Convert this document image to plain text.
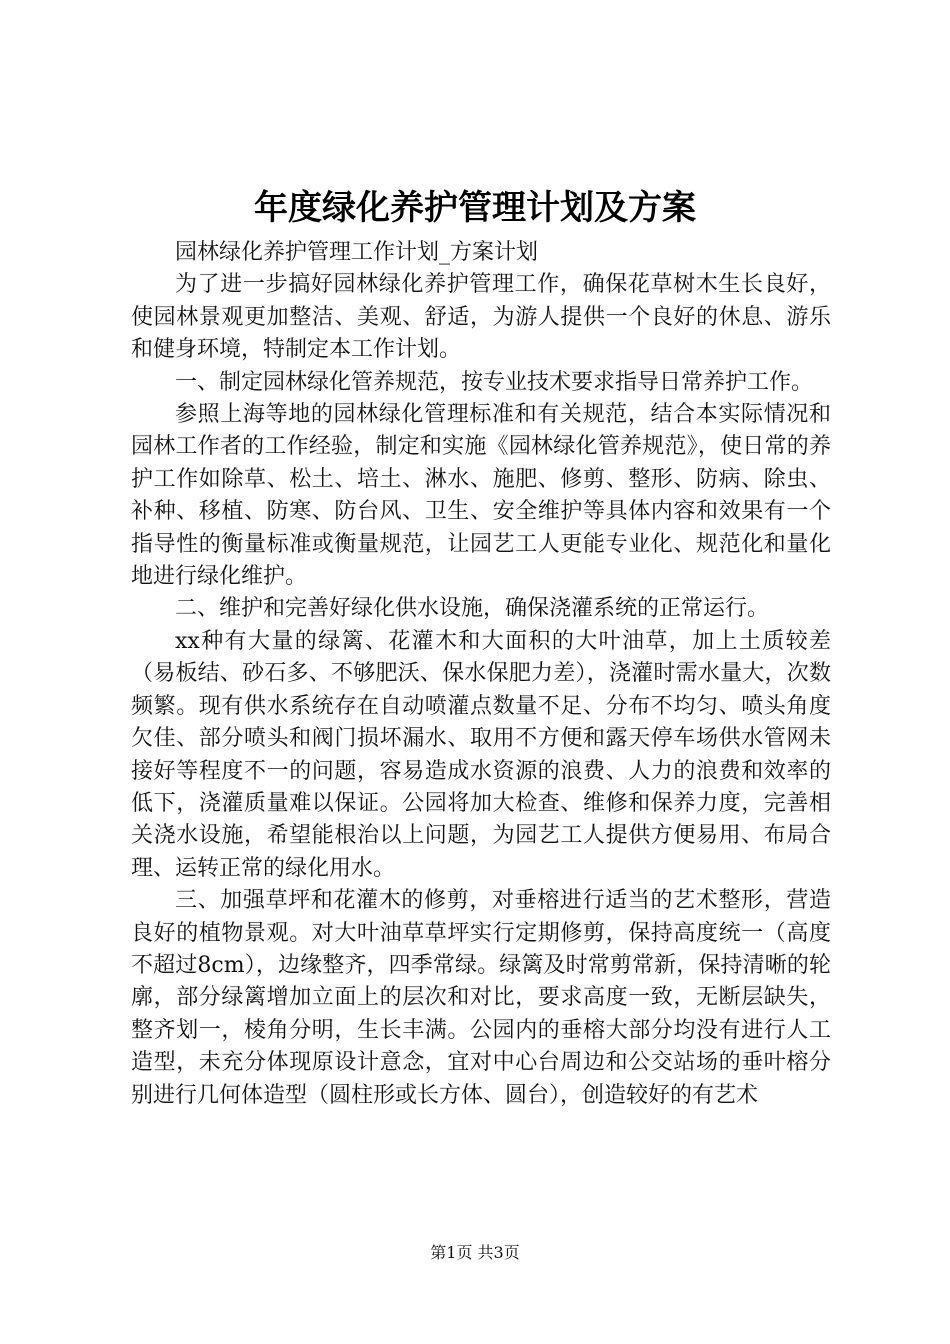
年度绿化养护管理计划及方案

园林绿化养护管理工作计划_方案计划

为了进一步搞好园林绿化养护管理工作，确保花草树木生长良好，使园林景观更加整洁、美观、舒适，为游人提供一个良好的休息、游乐和健身环境，特制定本工作计划。

一、制定园林绿化管养规范，按专业技术要求指导日常养护工作。

参照上海等地的园林绿化管理标准和有关规范，结合本实际情况和园林工作者的工作经验，制定和实施《园林绿化管养规范》，使日常的养护工作如除草、松土、培土、淋水、施肥、修剪、整形、防病、除虫、补种、移植、防寒、防台风、卫生、安全维护等具体内容和效果有一个指导性的衡量标准或衡量规范，让园艺工人更能专业化、规范化和量化地进行绿化维护。

二、维护和完善好绿化供水设施，确保浇灌系统的正常运行。

xx种有大量的绿篱、花灌木和大面积的大叶油草，加上土质较差（易板结、砂石多、不够肥沃、保水保肥力差），浇灌时需水量大，次数频繁。现有供水系统存在自动喷灌点数量不足、分布不均匀、喷头角度欠佳、部分喷头和阀门损坏漏水、取用不方便和露天停车场供水管网未接好等程度不一的问题，容易造成水资源的浪费、人力的浪费和效率的低下，浇灌质量难以保证。公园将加大检查、维修和保养力度，完善相关浇水设施，希望能根治以上问题，为园艺工人提供方便易用、布局合理、运转正常的绿化用水。

三、加强草坪和花灌木的修剪，对垂榕进行适当的艺术整形，营造良好的植物景观。对大叶油草草坪实行定期修剪，保持高度统一（高度不超过8cm），边缘整齐，四季常绿。绿篱及时常剪常新，保持清晰的轮廓，部分绿篱增加立面上的层次和对比，要求高度一致，无断层缺失，整齐划一，棱角分明，生长丰满。公园内的垂榕大部分均没有进行人工造型，未充分体现原设计意念，宜对中心台周边和公交站场的垂叶榕分别进行几何体造型（圆柱形或长方体、圆台），创造较好的有艺术

第1页 共3页
